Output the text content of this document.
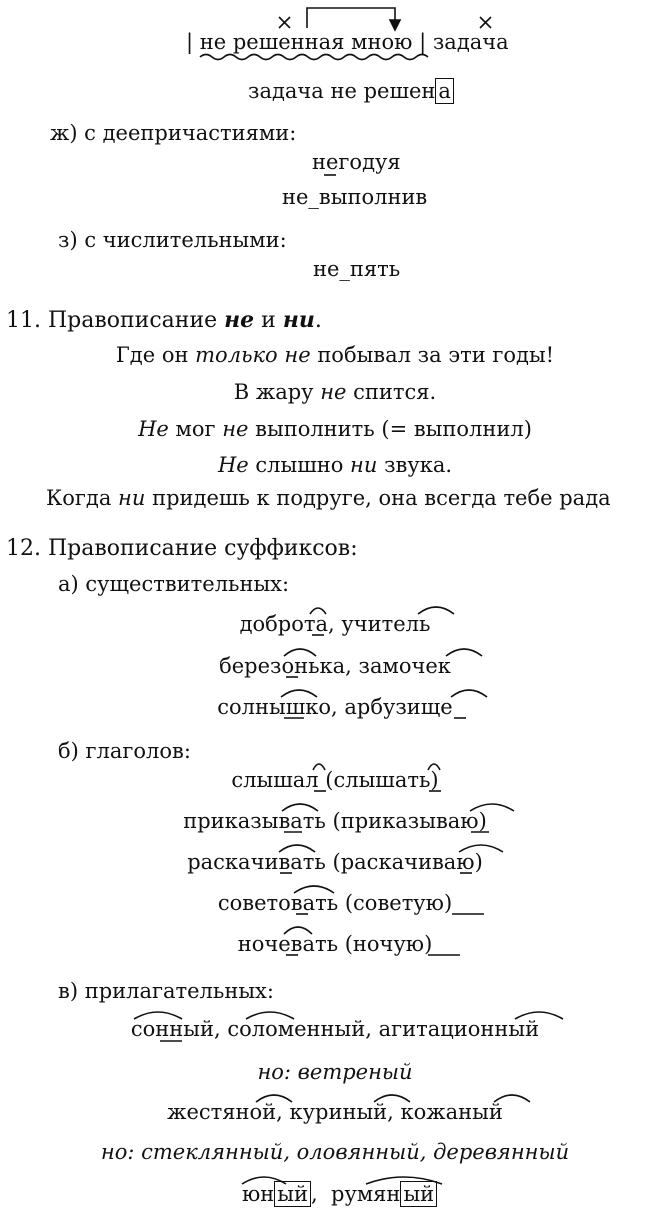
| не решенная мною | задача
задача не решен а
ж) с деепричастиями:
негодуя
не_выполнив
з) с числительными:
не_пять
11. Правописание не и ни.
Где он только не побывал за эти годы!
В жару не спится.
Не мог не выполнить (= выполнил)
Не слышно ни звука.
Когда ни придешь к подруге, она всегда тебе рада
12. Правописание суффиксов:
а) существительных:
доброта, учитель
березонька, замочек
солнышко, арбузище
б) глаголов:
слышал (слышать)
приказывать (приказываю)
раскачивать (раскачиваю)
советовать (советую)
ночевать (ночую)
в) прилагательных:
сонный, соломенный, агитационный
но: ветреный
жестяной, куриный, кожаный
но: стеклянный, оловянный, деревянный
юн ый , румян ый
